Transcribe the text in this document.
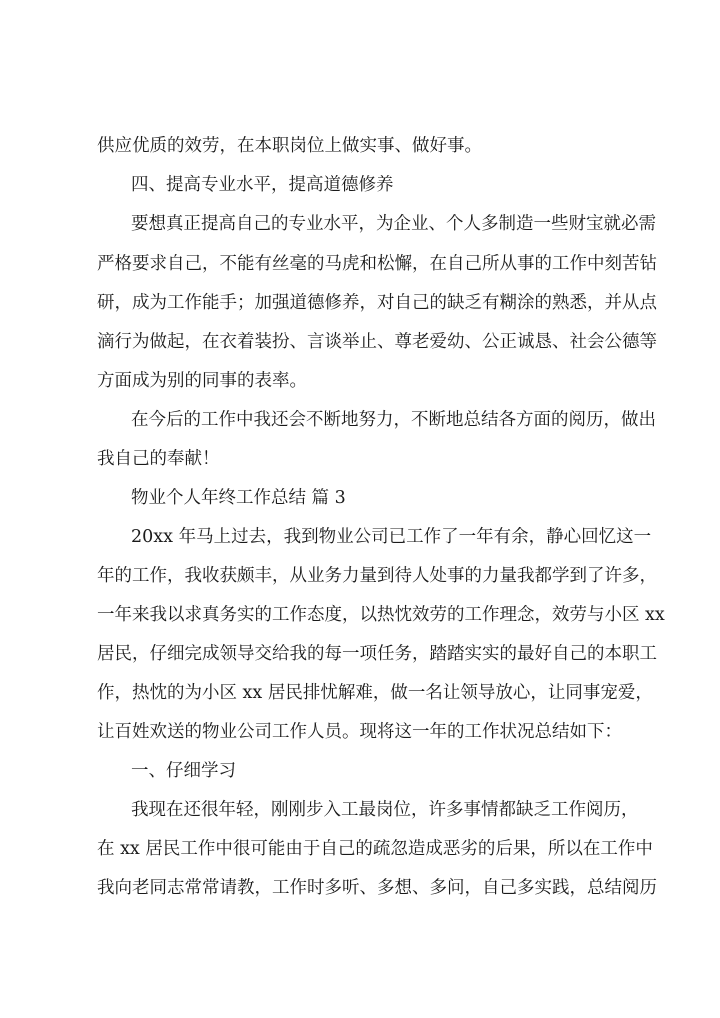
供应优质的效劳，在本职岗位上做实事、做好事。
四、提高专业水平，提高道德修养
要想真正提高自己的专业水平，为企业、个人多制造一些财宝就必需
严格要求自己，不能有丝毫的马虎和松懈，在自己所从事的工作中刻苦钻
研，成为工作能手；加强道德修养，对自己的缺乏有糊涂的熟悉，并从点
滴行为做起，在衣着装扮、言谈举止、尊老爱幼、公正诚恳、社会公德等
方面成为别的同事的表率。
在今后的工作中我还会不断地努力，不断地总结各方面的阅历，做出
我自己的奉献！
物业个人年终工作总结 篇 3
20xx 年马上过去，我到物业公司已工作了一年有余，静心回忆这一
年的工作，我收获颇丰，从业务力量到待人处事的力量我都学到了许多，
一年来我以求真务实的工作态度，以热忱效劳的工作理念，效劳与小区 xx
居民，仔细完成领导交给我的每一项任务，踏踏实实的最好自己的本职工
作，热忱的为小区 xx 居民排忧解难，做一名让领导放心，让同事宠爱，
让百姓欢送的物业公司工作人员。现将这一年的工作状况总结如下：
一、仔细学习
我现在还很年轻，刚刚步入工最岗位，许多事情都缺乏工作阅历，
在 xx 居民工作中很可能由于自己的疏忽造成恶劣的后果，所以在工作中
我向老同志常常请教，工作时多听、多想、多问，自己多实践，总结阅历
